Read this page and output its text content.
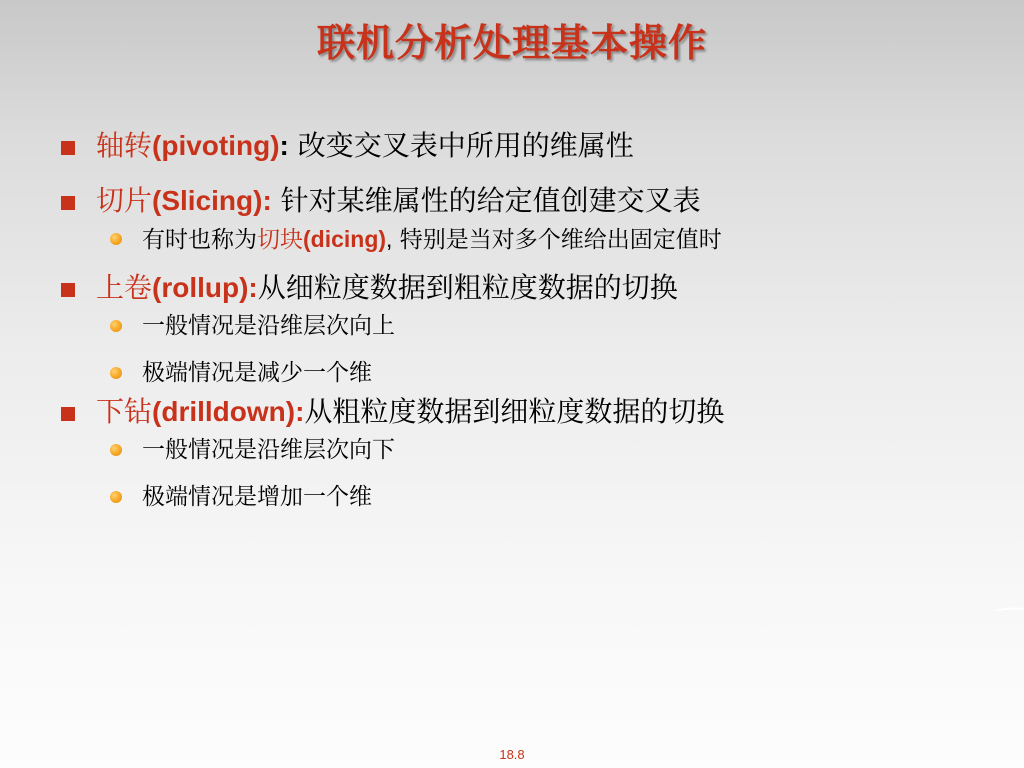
联机分析处理基本操作
轴转(pivoting): 改变交叉表中所用的维属性
切片(Slicing): 针对某维属性的给定值创建交叉表
有时也称为切块(dicing), 特别是当对多个维给出固定值时
上卷(rollup):从细粒度数据到粗粒度数据的切换
一般情况是沿维层次向上
极端情况是减少一个维
下钻(drilldown):从粗粒度数据到细粒度数据的切换
一般情况是沿维层次向下
极端情况是增加一个维
18.8
